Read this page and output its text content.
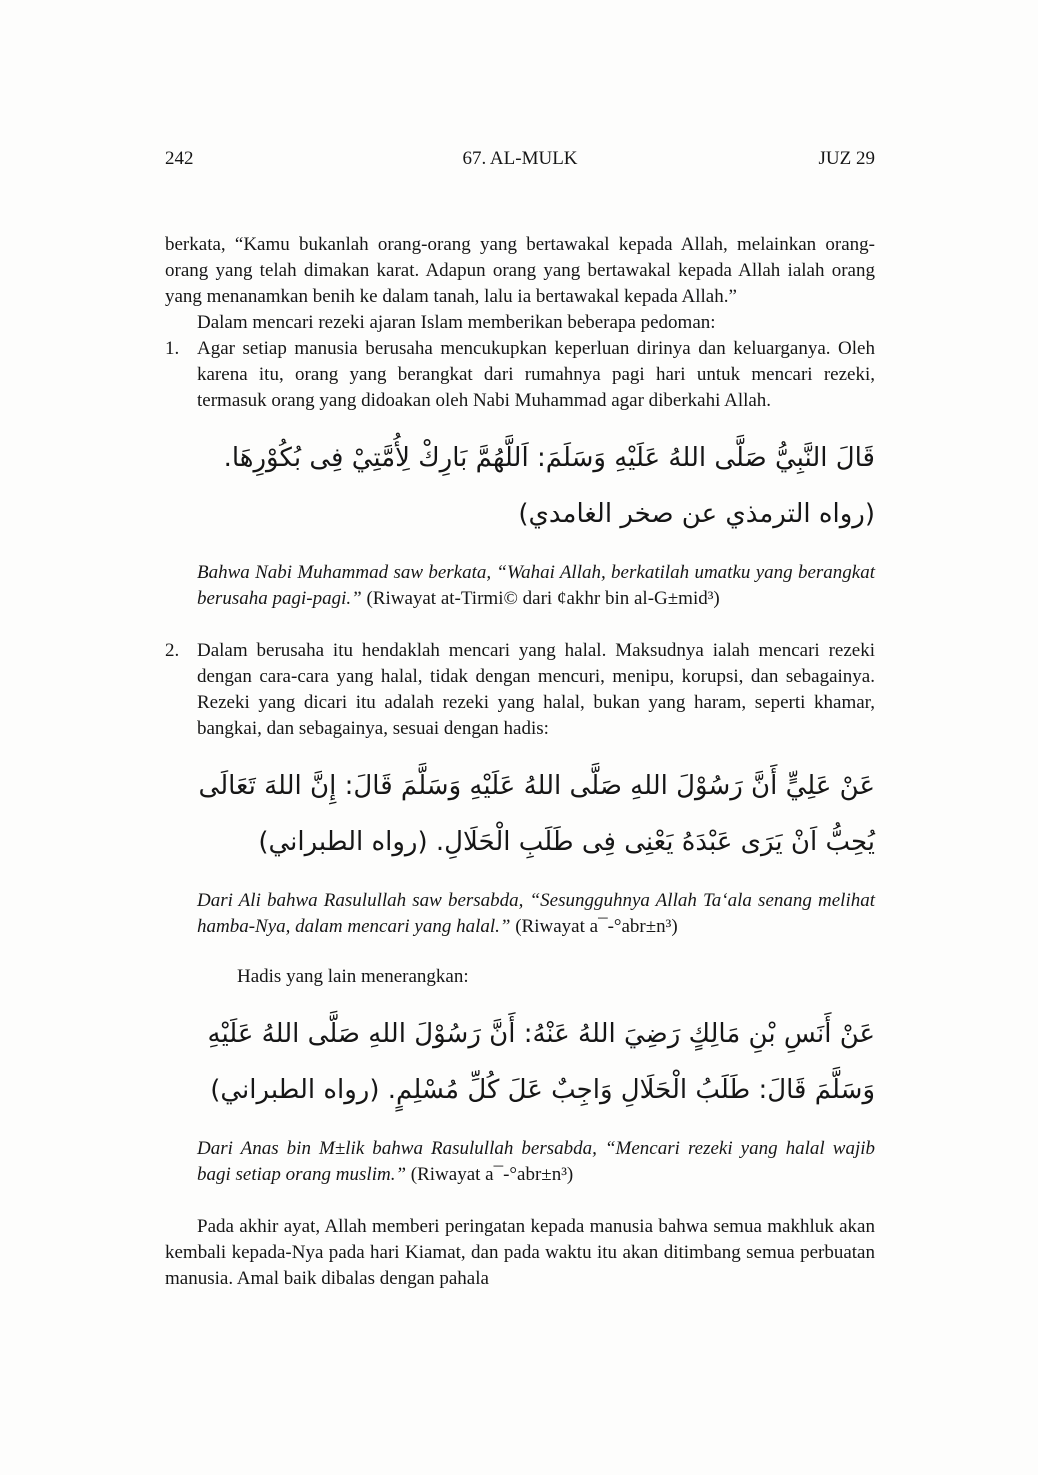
242	67. AL-MULK	JUZ 29

berkata, “Kamu bukanlah orang-orang yang bertawakal kepada Allah, melainkan orang-orang yang telah dimakan karat. Adapun orang yang bertawakal kepada Allah ialah orang yang menanamkan benih ke dalam tanah, lalu ia bertawakal kepada Allah.”

Dalam mencari rezeki ajaran Islam memberikan beberapa pedoman:

1. Agar setiap manusia berusaha mencukupkan keperluan dirinya dan keluarganya. Oleh karena itu, orang yang berangkat dari rumahnya pagi hari untuk mencari rezeki, termasuk orang yang didoakan oleh Nabi Muhammad agar diberkahi Allah.

قَالَ النَّبِيُّ صَلَّى اللهُ عَلَيْهِ وَسَلَمَ: اَللَّهُمَّ بَارِكْ لِأُمَّتِيْ فِى بُكُوْرِهَا. (رواه الترمذي عن صخر الغامدي)

Bahwa Nabi Muhammad saw berkata, “Wahai Allah, berkatilah umatku yang berangkat berusaha pagi-pagi.” (Riwayat at-Tirmi© dari ¢akhr bin al-G±mid³)

2. Dalam berusaha itu hendaklah mencari yang halal. Maksudnya ialah mencari rezeki dengan cara-cara yang halal, tidak dengan mencuri, menipu, korupsi, dan sebagainya. Rezeki yang dicari itu adalah rezeki yang halal, bukan yang haram, seperti khamar, bangkai, dan sebagainya, sesuai dengan hadis:

عَنْ عَلِيٍّ أَنَّ رَسُوْلَ اللهِ صَلَّى اللهُ عَلَيْهِ وَسَلَّمَ قَالَ: إِنَّ اللهَ تَعَالَى يُحِبُّ اَنْ يَرَى عَبْدَهُ يَعْنِى فِى طَلَبِ الْحَلَالِ. (رواه الطبراني)

Dari Ali bahwa Rasulullah saw bersabda, “Sesungguhnya Allah Ta‘ala senang melihat hamba-Nya, dalam mencari yang halal.” (Riwayat a¯-°abr±n³)

Hadis yang lain menerangkan:

عَنْ أَنَسِ بْنِ مَالِكٍ رَضِيَ اللهُ عَنْهُ: أَنَّ رَسُوْلَ اللهِ صَلَّى اللهُ عَلَيْهِ وَسَلَّمَ قَالَ: طَلَبُ الْحَلَالِ وَاجِبٌ عَلَ كُلِّ مُسْلِمٍ. (رواه الطبراني)

Dari Anas bin M±lik bahwa Rasulullah bersabda, “Mencari rezeki yang halal wajib bagi setiap orang muslim.” (Riwayat a¯-°abr±n³)

Pada akhir ayat, Allah memberi peringatan kepada manusia bahwa semua makhluk akan kembali kepada-Nya pada hari Kiamat, dan pada waktu itu akan ditimbang semua perbuatan manusia. Amal baik dibalas dengan pahala
